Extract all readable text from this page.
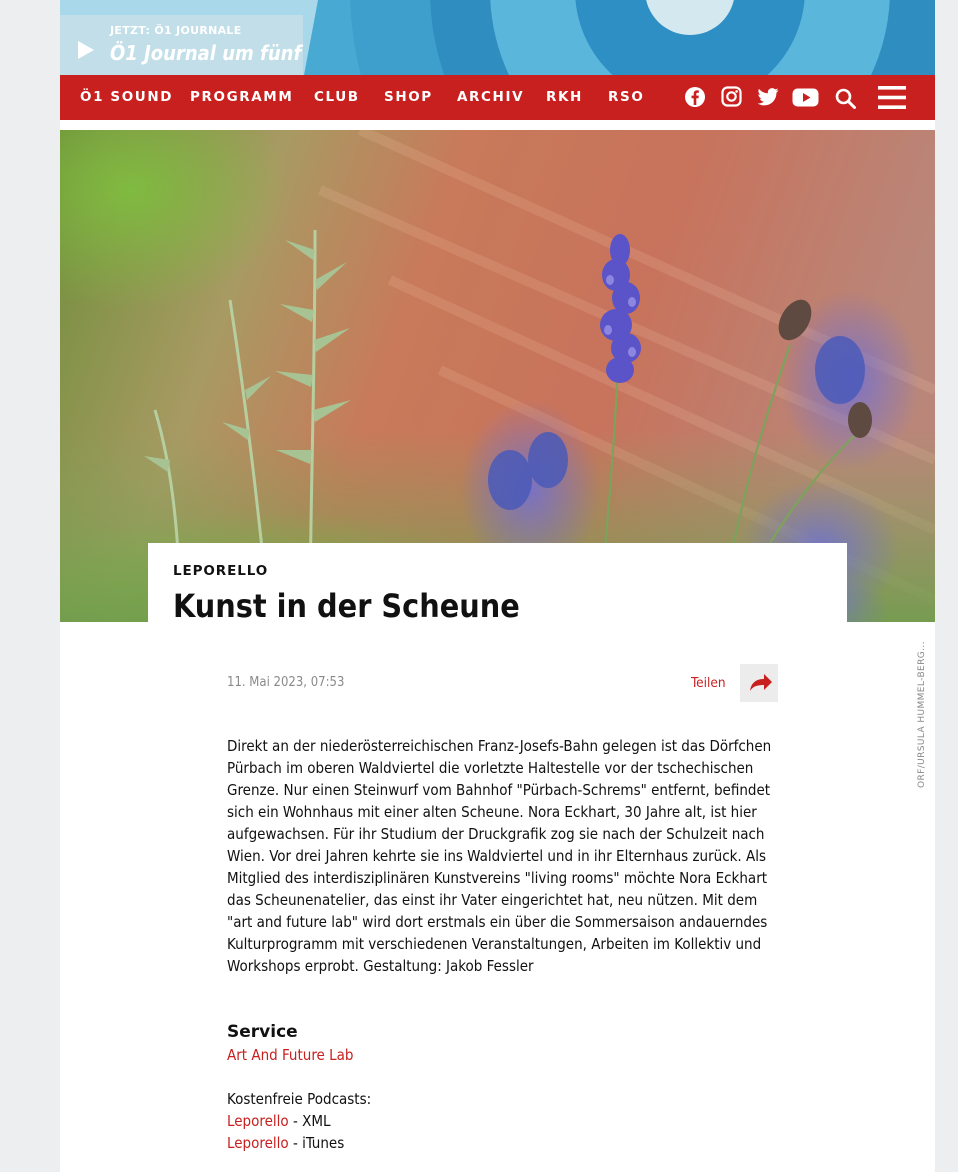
JETZT: Ö1 JOURNALE
Ö1 Journal um fünf
Ö1 SOUND PROGRAMM CLUB SHOP ARCHIV RKH RSO
LEPORELLO
Kunst in der Scheune
ORF/URSULA HUMMEL-BERG...
11. Mai 2023, 07:53	Teilen

Direkt an der niederösterreichischen Franz-Josefs-Bahn gelegen ist das Dörfchen Pürbach im oberen Waldviertel die vorletzte Haltestelle vor der tschechischen Grenze. Nur einen Steinwurf vom Bahnhof "Pürbach-Schrems" entfernt, befindet sich ein Wohnhaus mit einer alten Scheune. Nora Eckhart, 30 Jahre alt, ist hier aufgewachsen. Für ihr Studium der Druckgrafik zog sie nach der Schulzeit nach Wien. Vor drei Jahren kehrte sie ins Waldviertel und in ihr Elternhaus zurück. Als Mitglied des interdisziplinären Kunstvereins "living rooms" möchte Nora Eckhart das Scheunenatelier, das einst ihr Vater eingerichtet hat, neu nützen. Mit dem "art and future lab" wird dort erstmals ein über die Sommersaison andauerndes Kulturprogramm mit verschiedenen Veranstaltungen, Arbeiten im Kollektiv und Workshops erprobt. Gestaltung: Jakob Fessler

Service
Art And Future Lab
Kostenfreie Podcasts:
Leporello - XML
Leporello - iTunes
